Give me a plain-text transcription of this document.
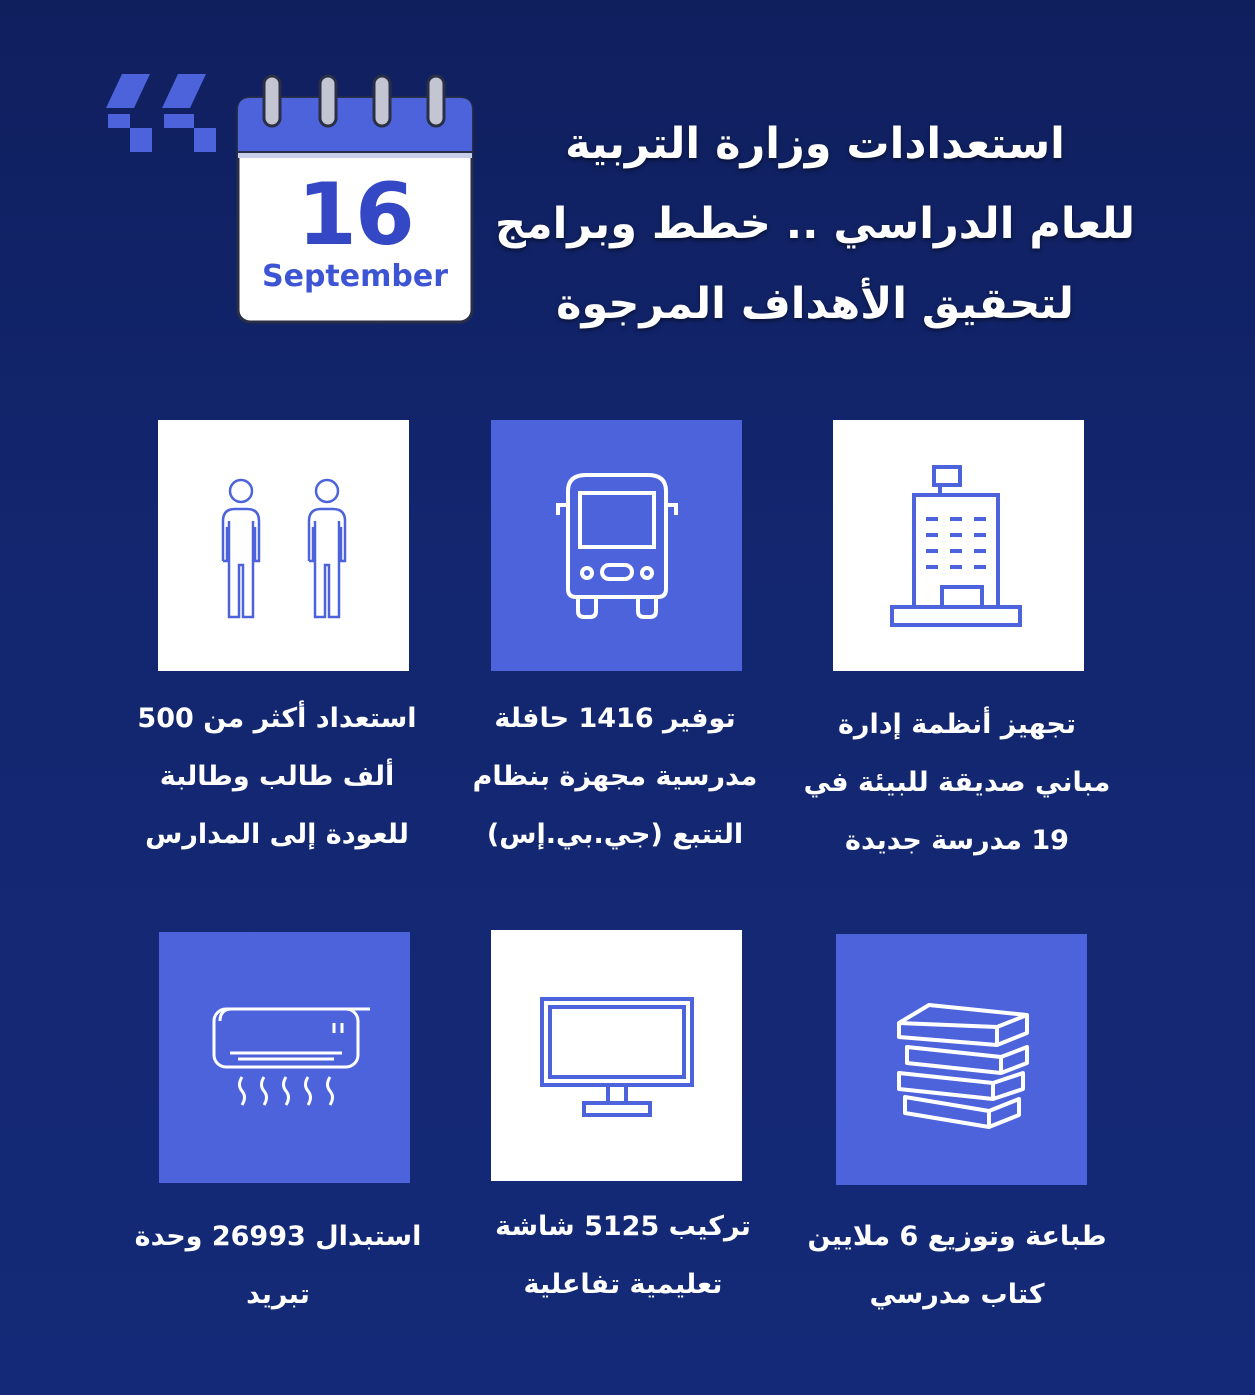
16
September
استعدادات وزارة التربية
للعام الدراسي .. خطط وبرامج
لتحقيق الأهداف المرجوة
تجهيز أنظمة إدارة
مباني صديقة للبيئة في
19 مدرسة جديدة
توفير 1416 حافلة
مدرسية مجهزة بنظام
التتبع (جي.بي.إس)
استعداد أكثر من 500
ألف طالب وطالبة
للعودة إلى المدارس
طباعة وتوزيع 6 ملايين
كتاب مدرسي
تركيب 5125 شاشة
تعليمية تفاعلية
استبدال 26993 وحدة
تبريد
